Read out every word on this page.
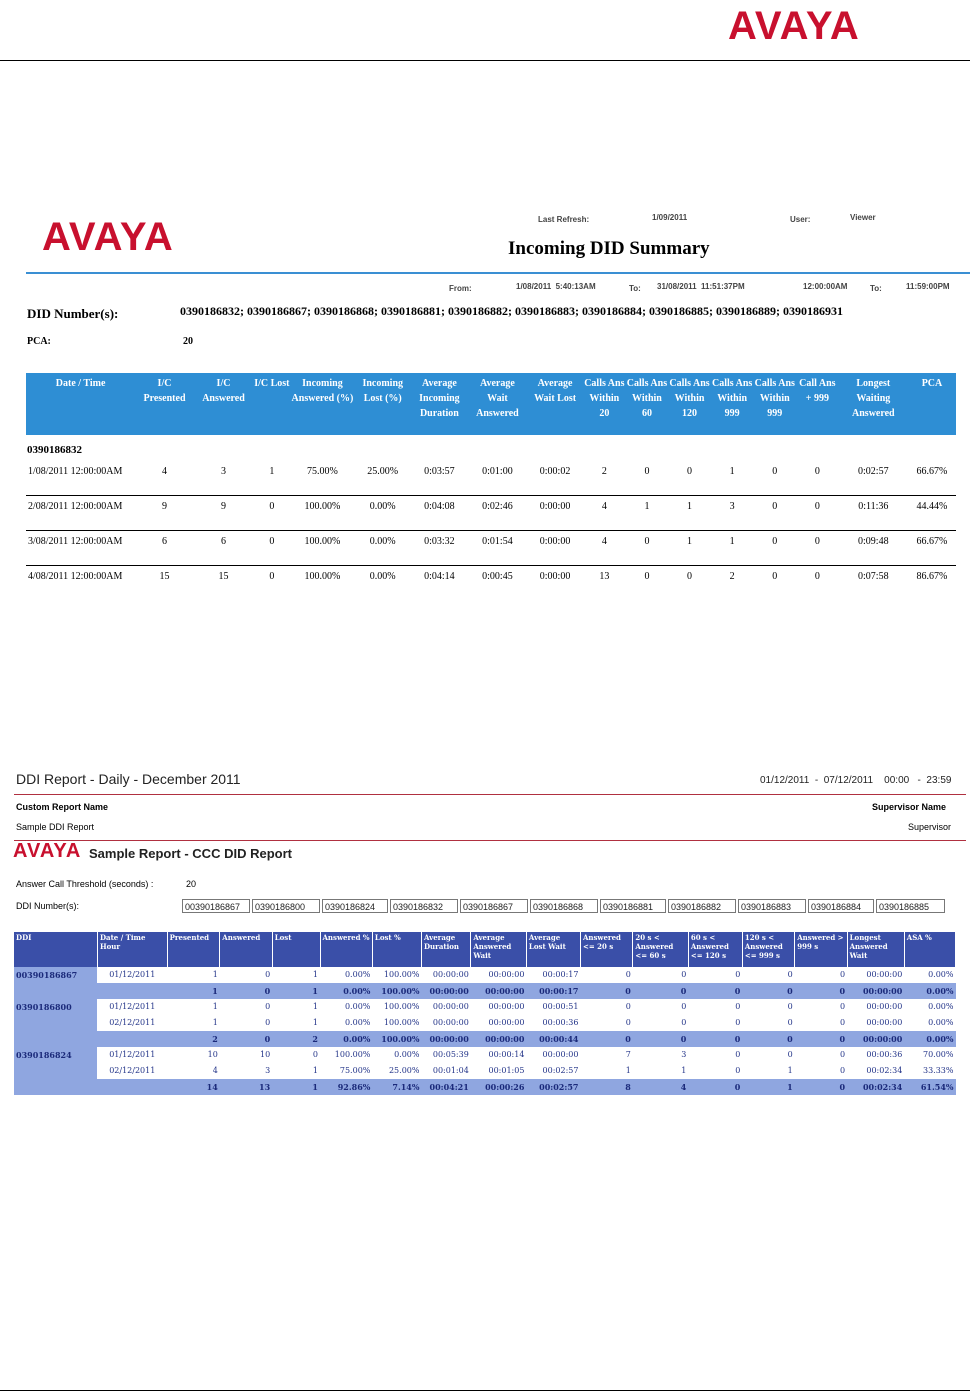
AVAYA
AVAYA	Last Refresh:	1/09/2011	User:	Viewer
Incoming DID Summary
From:	1/08/2011  5:40:13AM	To: 31/08/2011  11:51:37PM	12:00:00AM	To:	11:59:00PM
DID Number(s):	0390186832; 0390186867; 0390186868; 0390186881; 0390186882; 0390186883; 0390186884; 0390186885; 0390186889; 0390186931
PCA:	20
Date / Time	I/C Presented	I/C Answered	I/C Lost	Incoming Answered (%)	Incoming Lost (%)	Average Incoming Duration	Average Wait Answered	Average Wait Lost	Calls Ans Within 20	Calls Ans Within 60	Calls Ans Within 120	Calls Ans Within 999	Calls Ans Within 999	Call Ans + 999	Longest Waiting Answered	PCA
0390186832																
1/08/2011 12:00:00AM	4	3	1	75.00%	25.00%	0:03:57	0:01:00	0:00:02	2	0	0	1	0	0	0:02:57	66.67%
2/08/2011 12:00:00AM	9	9	0	100.00%	0.00%	0:04:08	0:02:46	0:00:00	4	1	1	3	0	0	0:11:36	44.44%
3/08/2011 12:00:00AM	6	6	0	100.00%	0.00%	0:03:32	0:01:54	0:00:00	4	0	1	1	0	0	0:09:48	66.67%
4/08/2011 12:00:00AM	15	15	0	100.00%	0.00%	0:04:14	0:00:45	0:00:00	13	0	0	2	0	0	0:07:58	86.67%
DDI Report - Daily - December 2011	01/12/2011  -  07/12/2011    00:00   -  23:59
Custom Report Name	Supervisor Name
Sample DDI Report	Supervisor
AVAYA Sample Report - CCC DID Report
Answer Call Threshold (seconds) :	20
DDI Number(s):	00390186867	0390186800	0390186824	0390186832	0390186867	0390186868	0390186881	0390186882	0390186883	0390186884	0390186885
DDI	Date / Time Hour	Presented	Answered	Lost	Answered %	Lost %	Average Duration	Average Answered Wait	Average Lost Wait	Answered <= 20 s	20 s < Answered <= 60 s	60 s < Answered <= 120 s	120 s < Answered <= 999 s	Answered > 999 s	Longest Answered Wait	ASA %
00390186867	01/12/2011	1	0	1	0.00%	100.00%	00:00:00	00:00:00	00:00:17	0	0	0	0	0	00:00:00	0.00%
		1	0	1	0.00%	100.00%	00:00:00	00:00:00	00:00:17	0	0	0	0	0	00:00:00	0.00%
0390186800	01/12/2011	1	0	1	0.00%	100.00%	00:00:00	00:00:00	00:00:51	0	0	0	0	0	00:00:00	0.00%
	02/12/2011	1	0	1	0.00%	100.00%	00:00:00	00:00:00	00:00:36	0	0	0	0	0	00:00:00	0.00%
		2	0	2	0.00%	100.00%	00:00:00	00:00:00	00:00:44	0	0	0	0	0	00:00:00	0.00%
0390186824	01/12/2011	10	10	0	100.00%	0.00%	00:05:39	00:00:14	00:00:00	7	3	0	0	0	00:00:36	70.00%
	02/12/2011	4	3	1	75.00%	25.00%	00:01:04	00:01:05	00:02:57	1	1	0	1	0	00:02:34	33.33%
		14	13	1	92.86%	7.14%	00:04:21	00:00:26	00:02:57	8	4	0	1	0	00:02:34	61.54%
